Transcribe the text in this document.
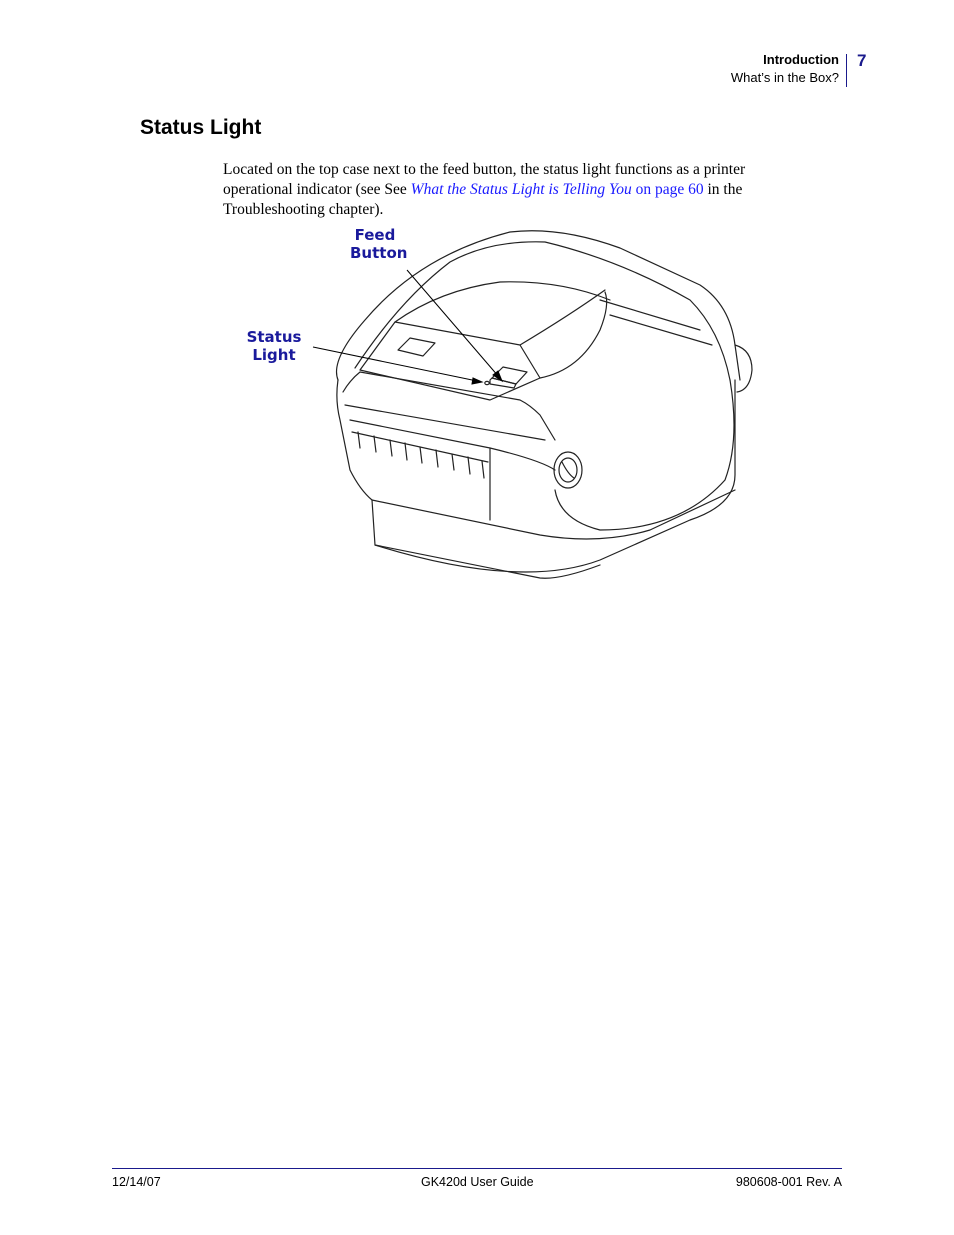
Introduction
What’s in the Box?
7
Status Light

Located on the top case next to the feed button, the status light functions as a printer operational indicator (see See What the Status Light is Telling You on page 60 in the Troubleshooting chapter).

Feed
Button
Status
Light
12/14/07	GK420d User Guide	980608-001 Rev. A
